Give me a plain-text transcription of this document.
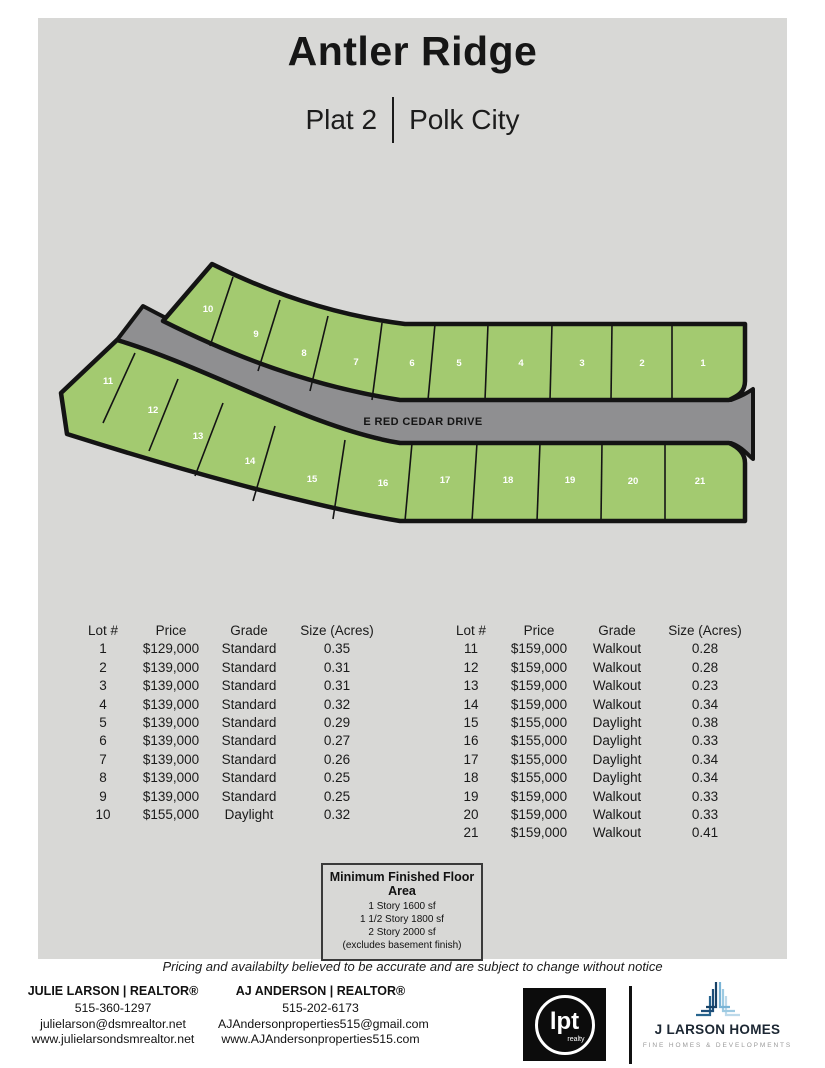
Antler Ridge
Plat 2 Polk City
10
9
8
7	6	5	4	3	2	1
11
12
13
14
15	16	17	18	19	20	21
E RED CEDAR DRIVE
Lot #	Price	Grade	Size (Acres)
1	$129,000	Standard	0.35
2	$139,000	Standard	0.31
3	$139,000	Standard	0.31
4	$139,000	Standard	0.32
5	$139,000	Standard	0.29
6	$139,000	Standard	0.27
7	$139,000	Standard	0.26
8	$139,000	Standard	0.25
9	$139,000	Standard	0.25
10	$155,000	Daylight	0.32
Lot #	Price	Grade	Size (Acres)
11	$159,000	Walkout	0.28
12	$159,000	Walkout	0.28
13	$159,000	Walkout	0.23
14	$159,000	Walkout	0.34
15	$155,000	Daylight	0.38
16	$155,000	Daylight	0.33
17	$155,000	Daylight	0.34
18	$155,000	Daylight	0.34
19	$159,000	Walkout	0.33
20	$159,000	Walkout	0.33
21	$159,000	Walkout	0.41
Minimum Finished Floor Area
1 Story 1600 sf
1 1/2 Story 1800 sf
2 Story 2000 sf
(excludes basement finish)
Pricing and availabilty believed to be accurate and are subject to change without notice
JULIE LARSON | REALTOR®
515-360-1297
julielarson@dsmrealtor.net
www.julielarsondsmrealtor.net
AJ ANDERSON | REALTOR®
515-202-6173
AJAndersonproperties515@gmail.com
www.AJAndersonproperties515.com
lpt
realty
J LARSON HOMES
FINE HOMES & DEVELOPMENTS
